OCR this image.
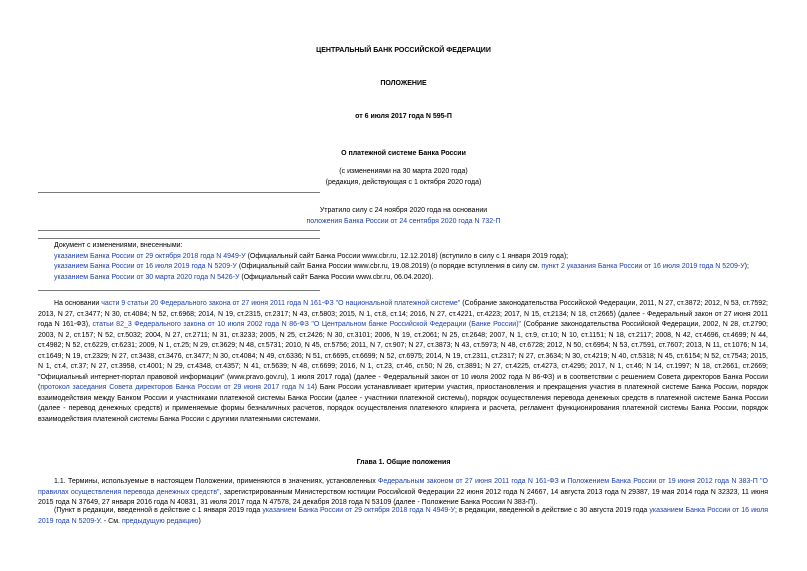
ЦЕНТРАЛЬНЫЙ БАНК РОССИЙСКОЙ ФЕДЕРАЦИИ
ПОЛОЖЕНИЕ
от 6 июля 2017 года N 595-П
О платежной системе Банка России
(с изменениями на 30 марта 2020 года)
(редакция, действующая с 1 октября 2020 года)
Утратило силу с 24 ноября 2020 года на основании
положения Банка России от 24 сентября 2020 года N 732-П
Документ с изменениями, внесенными:
указанием Банка России от 29 октября 2018 года N 4949-У (Официальный сайт Банка России www.cbr.ru, 12.12.2018) (вступило в силу с 1 января 2019 года);
указанием Банка России от 16 июля 2019 года N 5209-У (Официальный сайт Банка России www.cbr.ru, 19.08.2019) (о порядке вступления в силу см. пункт 2 указания Банка России от 16 июля 2019 года N 5209-У);
указанием Банка России от 30 марта 2020 года N 5426-У (Официальный сайт Банка России www.cbr.ru, 06.04.2020).
На основании части 9 статьи 20 Федерального закона от 27 июня 2011 года N 161-ФЗ "О национальной платежной системе" (Собрание законодательства Российской Федерации, 2011, N 27, ст.3872; 2012, N 53, ст.7592; 2013, N 27, ст.3477; N 30, ст.4084; N 52, ст.6968; 2014, N 19, ст.2315, ст.2317; N 43, ст.5803; 2015, N 1, ст.8, ст.14; 2016, N 27, ст.4221, ст.4223; 2017, N 15, ст.2134; N 18, ст.2665) (далее - Федеральный закон от 27 июня 2011 года N 161-ФЗ), статьи 82_3 Федерального закона от 10 июля 2002 года N 86-ФЗ "О Центральном банке Российской Федерации (Банке России)" (Собрание законодательства Российской Федерации, 2002, N 28, ст.2790; 2003, N 2, ст.157; N 52, ст.5032; 2004, N 27, ст.2711; N 31, ст.3233; 2005, N 25, ст.2426; N 30, ст.3101; 2006, N 19, ст.2061; N 25, ст.2648; 2007, N 1, ст.9, ст.10; N 10, ст.1151; N 18, ст.2117; 2008, N 42, ст.4696, ст.4699; N 44, ст.4982; N 52, ст.6229, ст.6231; 2009, N 1, ст.25; N 29, ст.3629; N 48, ст.5731; 2010, N 45, ст.5756; 2011, N 7, ст.907; N 27, ст.3873; N 43, ст.5973; N 48, ст.6728; 2012, N 50, ст.6954; N 53, ст.7591, ст.7607; 2013, N 11, ст.1076; N 14, ст.1649; N 19, ст.2329; N 27, ст.3438, ст.3476, ст.3477; N 30, ст.4084; N 49, ст.6336; N 51, ст.6695, ст.6699; N 52, ст.6975; 2014, N 19, ст.2311, ст.2317; N 27, ст.3634; N 30, ст.4219; N 40, ст.5318; N 45, ст.6154; N 52, ст.7543; 2015, N 1, ст.4, ст.37; N 27, ст.3958, ст.4001; N 29, ст.4348, ст.4357; N 41, ст.5639; N 48, ст.6699; 2016, N 1, ст.23, ст.46, ст.50; N 26, ст.3891; N 27, ст.4225, ст.4273, ст.4295; 2017, N 1, ст.46; N 14, ст.1997; N 18, ст.2661, ст.2669; "Официальный интернет-портал правовой информации" (www.pravo.gov.ru), 1 июля 2017 года) (далее - Федеральный закон от 10 июля 2002 года N 86-ФЗ) и в соответствии с решением Совета директоров Банка России (протокол заседания Совета директоров Банка России от 29 июня 2017 года N 14) Банк России устанавливает критерии участия, приостановления и прекращения участия в платежной системе Банка России, порядок взаимодействия между Банком России и участниками платежной системы Банка России (далее - участники платежной системы), порядок осуществления перевода денежных средств в платежной системе Банка России (далее - перевод денежных средств) и применяемые формы безналичных расчетов, порядок осуществления платежного клиринга и расчета, регламент функционирования платежной системы Банка России, порядок взаимодействия платежной системы Банка России с другими платежными системами.
Глава 1. Общие положения
1.1. Термины, используемые в настоящем Положении, применяются в значениях, установленных Федеральным законом от 27 июня 2011 года N 161-ФЗ и Положением Банка России от 19 июня 2012 года N 383-П "О правилах осуществления перевода денежных средств", зарегистрированным Министерством юстиции Российской Федерации 22 июня 2012 года N 24667, 14 августа 2013 года N 29387, 19 мая 2014 года N 32323, 11 июня 2015 года N 37649, 27 января 2016 года N 40831, 31 июля 2017 года N 47578, 24 декабря 2018 года N 53109 (далее - Положение Банка России N 383-П).
(Пункт в редакции, введенной в действие с 1 января 2019 года указанием Банка России от 29 октября 2018 года N 4949-У; в редакции, введенной в действие с 30 августа 2019 года указанием Банка России от 16 июля 2019 года N 5209-У. - См. предыдущую редакцию)
